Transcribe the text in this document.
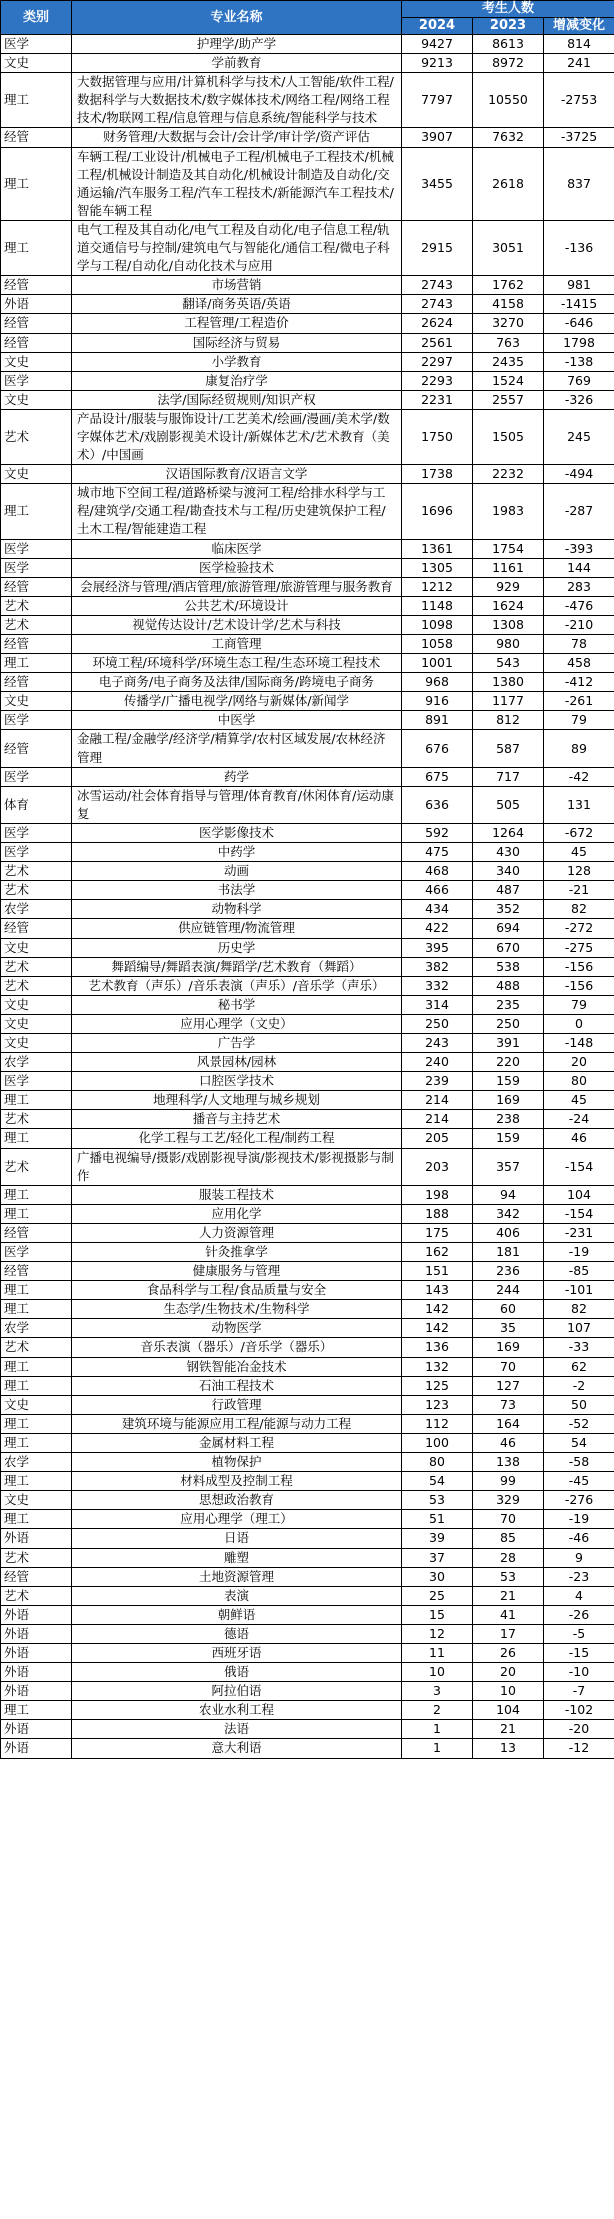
类别	专业名称	考生人数		
		2024	2023	增减变化
医学	护理学/助产学	9427	8613	814
文史	学前教育	9213	8972	241
理工	大数据管理与应用/计算机科学与技术/人工智能/软件工程/数据科学与大数据技术/数字媒体技术/网络工程/网络工程技术/物联网工程/信息管理与信息系统/智能科学与技术	7797	10550	-2753
经管	财务管理/大数据与会计/会计学/审计学/资产评估	3907	7632	-3725
理工	车辆工程/工业设计/机械电子工程/机械电子工程技术/机械工程/机械设计制造及其自动化/机械设计制造及自动化/交通运输/汽车服务工程/汽车工程技术/新能源汽车工程技术/智能车辆工程	3455	2618	837
理工	电气工程及其自动化/电气工程及自动化/电子信息工程/轨道交通信号与控制/建筑电气与智能化/通信工程/微电子科学与工程/自动化/自动化技术与应用	2915	3051	-136
经管	市场营销	2743	1762	981
外语	翻译/商务英语/英语	2743	4158	-1415
经管	工程管理/工程造价	2624	3270	-646
经管	国际经济与贸易	2561	763	1798
文史	小学教育	2297	2435	-138
医学	康复治疗学	2293	1524	769
文史	法学/国际经贸规则/知识产权	2231	2557	-326
艺术	产品设计/服装与服饰设计/工艺美术/绘画/漫画/美术学/数字媒体艺术/戏剧影视美术设计/新媒体艺术/艺术教育（美术）/中国画	1750	1505	245
文史	汉语国际教育/汉语言文学	1738	2232	-494
理工	城市地下空间工程/道路桥梁与渡河工程/给排水科学与工程/建筑学/交通工程/勘查技术与工程/历史建筑保护工程/土木工程/智能建造工程	1696	1983	-287
医学	临床医学	1361	1754	-393
医学	医学检验技术	1305	1161	144
经管	会展经济与管理/酒店管理/旅游管理/旅游管理与服务教育	1212	929	283
艺术	公共艺术/环境设计	1148	1624	-476
艺术	视觉传达设计/艺术设计学/艺术与科技	1098	1308	-210
经管	工商管理	1058	980	78
理工	环境工程/环境科学/环境生态工程/生态环境工程技术	1001	543	458
经管	电子商务/电子商务及法律/国际商务/跨境电子商务	968	1380	-412
文史	传播学/广播电视学/网络与新媒体/新闻学	916	1177	-261
医学	中医学	891	812	79
经管	金融工程/金融学/经济学/精算学/农村区域发展/农林经济管理	676	587	89
医学	药学	675	717	-42
体育	冰雪运动/社会体育指导与管理/体育教育/休闲体育/运动康复	636	505	131
医学	医学影像技术	592	1264	-672
医学	中药学	475	430	45
艺术	动画	468	340	128
艺术	书法学	466	487	-21
农学	动物科学	434	352	82
经管	供应链管理/物流管理	422	694	-272
文史	历史学	395	670	-275
艺术	舞蹈编导/舞蹈表演/舞蹈学/艺术教育（舞蹈）	382	538	-156
艺术	艺术教育（声乐）/音乐表演（声乐）/音乐学（声乐）	332	488	-156
文史	秘书学	314	235	79
文史	应用心理学（文史）	250	250	0
文史	广告学	243	391	-148
农学	风景园林/园林	240	220	20
医学	口腔医学技术	239	159	80
理工	地理科学/人文地理与城乡规划	214	169	45
艺术	播音与主持艺术	214	238	-24
理工	化学工程与工艺/轻化工程/制药工程	205	159	46
艺术	广播电视编导/摄影/戏剧影视导演/影视技术/影视摄影与制作	203	357	-154
理工	服装工程技术	198	94	104
理工	应用化学	188	342	-154
经管	人力资源管理	175	406	-231
医学	针灸推拿学	162	181	-19
经管	健康服务与管理	151	236	-85
理工	食品科学与工程/食品质量与安全	143	244	-101
理工	生态学/生物技术/生物科学	142	60	82
农学	动物医学	142	35	107
艺术	音乐表演（器乐）/音乐学（器乐）	136	169	-33
理工	钢铁智能冶金技术	132	70	62
理工	石油工程技术	125	127	-2
文史	行政管理	123	73	50
理工	建筑环境与能源应用工程/能源与动力工程	112	164	-52
理工	金属材料工程	100	46	54
农学	植物保护	80	138	-58
理工	材料成型及控制工程	54	99	-45
文史	思想政治教育	53	329	-276
理工	应用心理学（理工）	51	70	-19
外语	日语	39	85	-46
艺术	雕塑	37	28	9
经管	土地资源管理	30	53	-23
艺术	表演	25	21	4
外语	朝鲜语	15	41	-26
外语	德语	12	17	-5
外语	西班牙语	11	26	-15
外语	俄语	10	20	-10
外语	阿拉伯语	3	10	-7
理工	农业水利工程	2	104	-102
外语	法语	1	21	-20
外语	意大利语	1	13	-12
